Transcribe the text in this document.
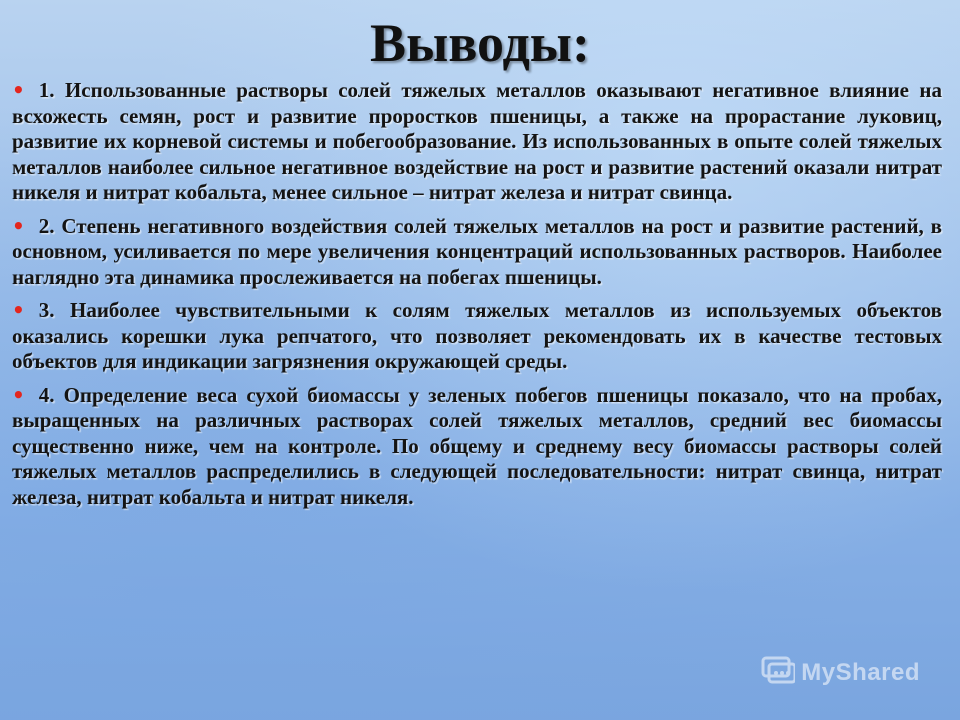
Выводы:

• 1. Использованные растворы солей тяжелых металлов оказывают негативное влияние на всхожесть семян, рост и развитие проростков пшеницы, а также на прорастание луковиц, развитие их корневой системы и побегообразование. Из использованных в опыте солей тяжелых металлов наиболее сильное негативное воздействие на рост и развитие растений оказали нитрат никеля и нитрат кобальта, менее сильное – нитрат железа и нитрат свинца.

• 2. Степень негативного воздействия солей тяжелых металлов на рост и развитие растений, в основном, усиливается по мере увеличения концентраций использованных растворов. Наиболее наглядно эта динамика прослеживается на побегах пшеницы.

• 3. Наиболее чувствительными к солям тяжелых металлов из используемых объектов оказались корешки лука репчатого, что позволяет рекомендовать их в качестве тестовых объектов для индикации загрязнения окружающей среды.

• 4. Определение веса сухой биомассы у зеленых побегов пшеницы показало, что на пробах, выращенных на различных растворах солей тяжелых металлов, средний вес биомассы существенно ниже, чем на контроле. По общему и среднему весу биомассы растворы солей тяжелых металлов распределились в следующей последовательности: нитрат свинца, нитрат железа, нитрат кобальта и нитрат никеля.

MyShared
